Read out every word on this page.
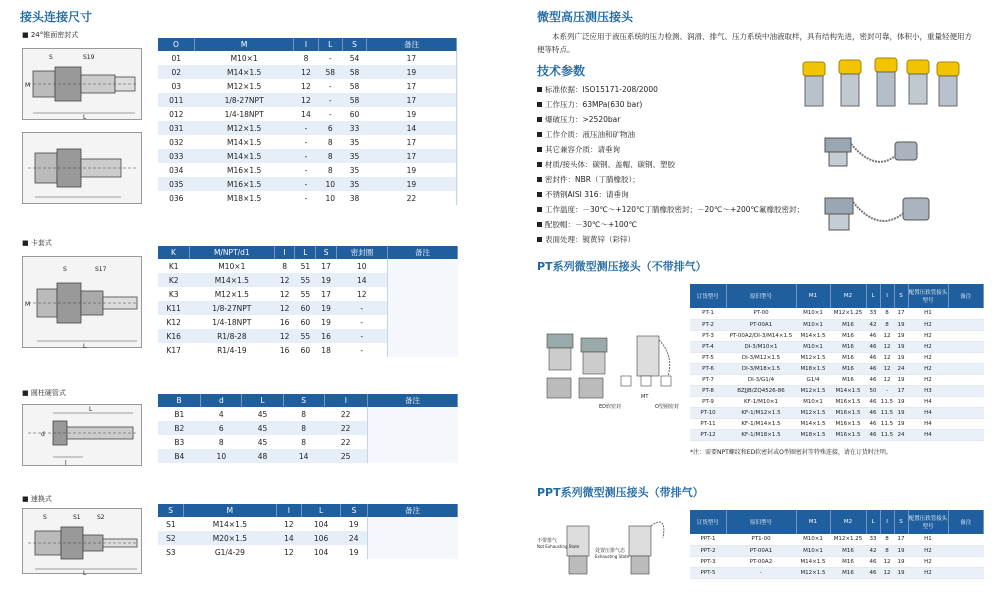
接头连接尺寸
■ 24°锥面密封式
S	S19
M
L
O	M	I	L	S	备注	
01	M10×1	8	-	54	17	
02	M14×1.5	12	58	58	19	
03	M12×1.5	12	-	58	17	
011	1/8-27NPT	12	-	58	17	
012	1/4-18NPT	14	-	60	19	
031	M12×1.5	-	6	33	14	
032	M14×1.5	-	8	35	17	
033	M14×1.5	-	8	35	17	
034	M16×1.5	-	8	35	19	
035	M16×1.5	-	10	35	19	
036	M18×1.5	-	10	38	22	
■ 卡套式
S	S17
M
L
K	M/NPT/d1	I	L	S	密封圈	备注
K1	M10×1	8	51	17	10	
K2	M14×1.5	12	55	19	14	
K3	M12×1.5	12	55	17	12	
K11	1/8-27NPT	12	60	19	-	
K12	1/4-18NPT	16	60	19	-	
K16	R1/8-28	12	55	16	-	
K17	R1/4-19	16	60	18	-	
■ 圆柱硬管式
L
d
l
B	d	L	S	I	备注
B1	4	45	8	22	
B2	6	45	8	22	
B3	8	45	8	22	
B4	10	48	14	25	
■ 速换式
S	S1	S2
L
S	M	I	L	S	备注
S1	M14×1.5	12	104	19	
S2	M20×1.5	14	106	24	
S3	G1/4-29	12	104	19	
微型高压测压接头
本系列广泛应用于液压系统的压力检测、润滑、排气、压力系统中油液取样，具有结构先进，密封可靠，体积小，重量轻便用方便等特点。
技术参数
标准依据：ISO15171-208/2000
工作压力：63MPa(630 bar)
爆破压力：>2520bar
工作介质：液压油和矿物油
其它兼容介质：请垂询
材质/接头体：碳钢、盖帽、碳钢、塑胶
密封件：NBR（丁腈橡胶）；
不锈钢AISI 316：请垂询
工作温度：－30℃～+120℃丁腈橡胶密封；－20℃～+200℃氟橡胶密封；
配胶帽：－30℃～+100℃
表面处理：镀黄锌（彩锌）
PT系列微型测压接头（不带排气）
ED软密封
MT
O型圈密封
订货型号	原旧型号	M1	M2	L	I	S	配置压软管接头型号	备注
PT-1	PT-00	M10×1	M12×1.25	33	8	17	H1	
PT-2	PT-00A1	M10×1	M16	42	8	19	H2	
PT-3	PT-00A2/DI-3/M14×1.5	M14×1.5	M16	46	12	19	H2	
PT-4	DI-3/M10×1	M10×1	M16	46	12	19	H2	
PT-5	DI-3/M12×1.5	M12×1.5	M16	46	12	19	H2	
PT-6	DI-3/M18×1.5	M18×1.5	M16	46	12	24	H2	
PT-7	DI-3/G1/4	G1/4	M16	46	12	19	H2	
PT-8	BZJJB/ZQ4526-86	M12×1.5	M14×1.5	50	-	17	H3	
PT-9	KF-1/M10×1	M10×1	M16×1.5	46	11.5	19	H4	
PT-10	KF-1/M12×1.5	M12×1.5	M16×1.5	46	11.5	19	H4	
PT-11	KF-1/M14×1.5	M14×1.5	M16×1.5	46	11.5	19	H4	
PT-12	KF-1/M18×1.5	M18×1.5	M16×1.5	46	11.5	24	H4	
*注：需要NPT螺纹和ED软密封或O型圈密封等特殊连接，请在订货时注明。
PPT系列微型测压接头（带排气）
不带排气
Not Exhausting State
处置压排气态
Exhausting State
订货型号	原旧型号	M1	M2	L	I	S	配置压软管接头型号	备注
PPT-1	PT1-00	M10×1	M12×1.25	33	8	17	H1	
PPT-2	PT-00A1	M10×1	M16	42	8	19	H2	
PPT-3	PT-00A2	M14×1.5	M16	46	12	19	H2	
PPT-5	-	M12×1.5	M16	46	12	19	H2	
